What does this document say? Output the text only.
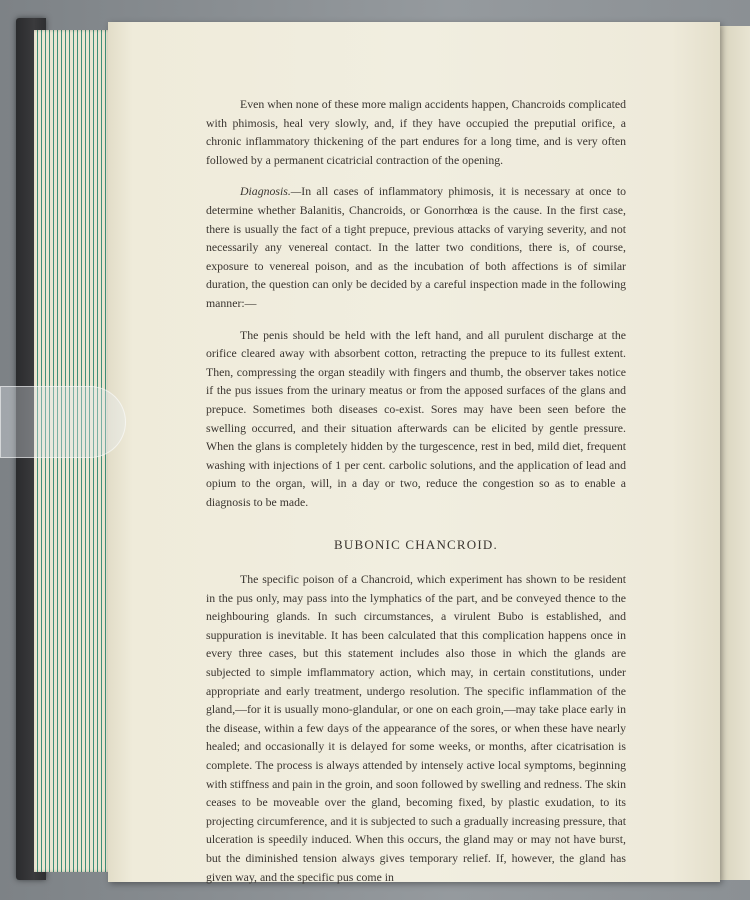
Even when none of these more malign accidents happen, Chancroids complicated with phimosis, heal very slowly, and, if they have occupied the preputial orifice, a chronic inflammatory thickening of the part endures for a long time, and is very often followed by a permanent cicatricial contraction of the opening.

Diagnosis.—In all cases of inflammatory phimosis, it is necessary at once to determine whether Balanitis, Chancroids, or Gonorrhœa is the cause. In the first case, there is usually the fact of a tight prepuce, previous attacks of varying severity, and not necessarily any venereal contact. In the latter two conditions, there is, of course, exposure to venereal poison, and as the incubation of both affections is of similar duration, the question can only be decided by a careful inspection made in the following manner:—

The penis should be held with the left hand, and all purulent discharge at the orifice cleared away with absorbent cotton, retracting the prepuce to its fullest extent. Then, compressing the organ steadily with fingers and thumb, the observer takes notice if the pus issues from the urinary meatus or from the apposed surfaces of the glans and prepuce. Sometimes both diseases co-exist. Sores may have been seen before the swelling occurred, and their situation afterwards can be elicited by gentle pressure. When the glans is completely hidden by the turgescence, rest in bed, mild diet, frequent washing with injections of 1 per cent. carbolic solutions, and the application of lead and opium to the organ, will, in a day or two, reduce the congestion so as to enable a diagnosis to be made.

BUBONIC CHANCROID.

The specific poison of a Chancroid, which experiment has shown to be resident in the pus only, may pass into the lymphatics of the part, and be conveyed thence to the neighbouring glands. In such circumstances, a virulent Bubo is established, and suppuration is inevitable. It has been calculated that this complication happens once in every three cases, but this statement includes also those in which the glands are subjected to simple imflammatory action, which may, in certain constitutions, under appropriate and early treatment, undergo resolution. The specific inflammation of the gland,—for it is usually mono-glandular, or one on each groin,—may take place early in the disease, within a few days of the appearance of the sores, or when these have nearly healed; and occasionally it is delayed for some weeks, or months, after cicatrisation is complete. The process is always attended by intensely active local symptoms, beginning with stiffness and pain in the groin, and soon followed by swelling and redness. The skin ceases to be moveable over the gland, becoming fixed, by plastic exudation, to its projecting circumference, and it is subjected to such a gradually increasing pressure, that ulceration is speedily induced. When this occurs, the gland may or may not have burst, but the diminished tension always gives temporary relief. If, however, the gland has given way, and the specific pus come in
